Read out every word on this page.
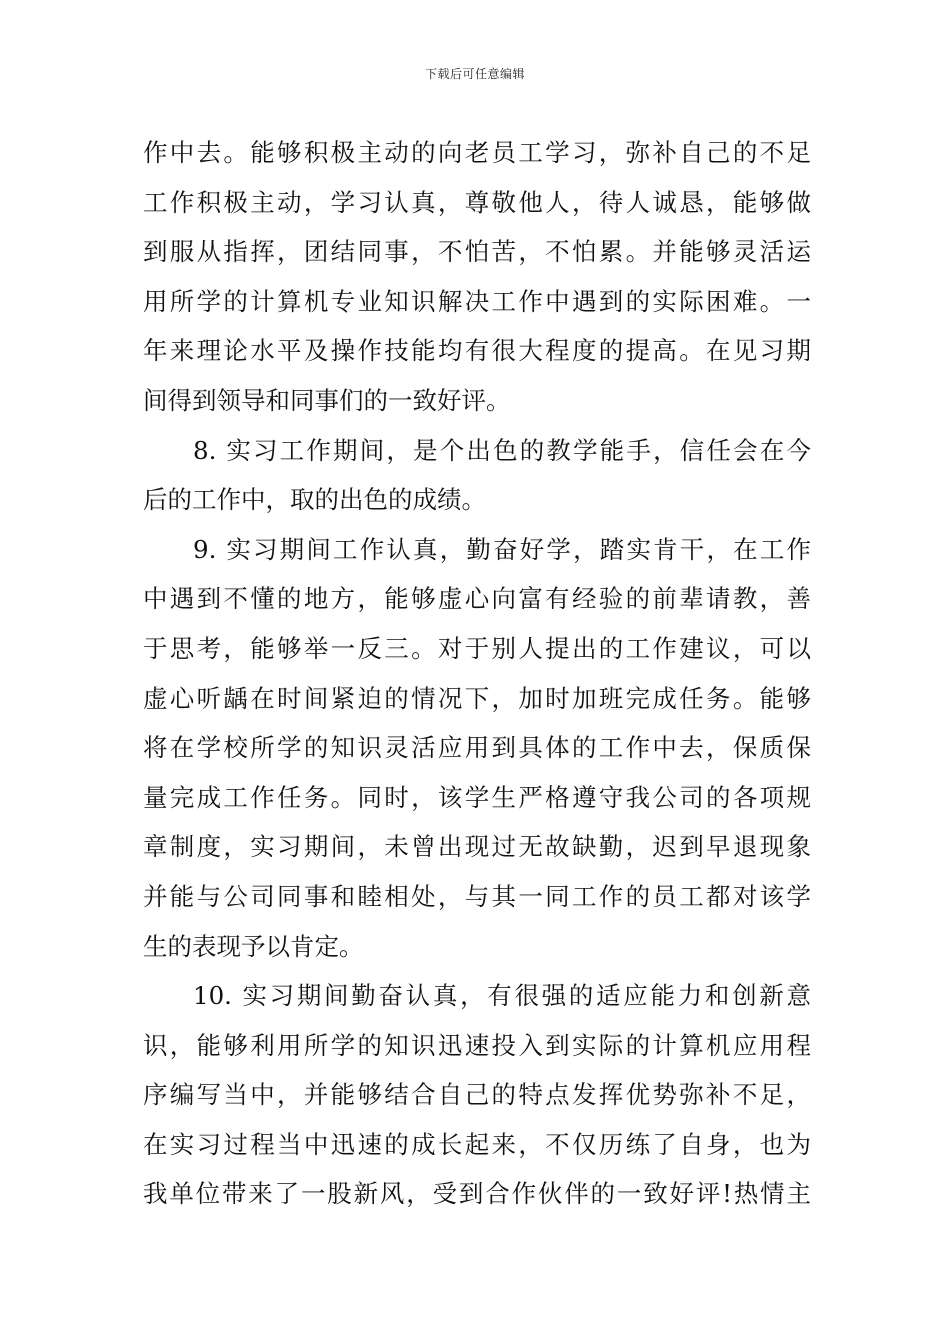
下载后可任意编辑
作中去。能够积极主动的向老员工学习，弥补自己的不足
工作积极主动，学习认真，尊敬他人，待人诚恳，能够做
到服从指挥，团结同事，不怕苦，不怕累。并能够灵活运
用所学的计算机专业知识解决工作中遇到的实际困难。一
年来理论水平及操作技能均有很大程度的提高。在见习期
间得到领导和同事们的一致好评。
8. 实习工作期间，是个出色的教学能手，信任会在今
后的工作中，取的出色的成绩。
9. 实习期间工作认真，勤奋好学，踏实肯干，在工作
中遇到不懂的地方，能够虚心向富有经验的前辈请教，善
于思考，能够举一反三。对于别人提出的工作建议，可以
虚心听龋在时间紧迫的情况下，加时加班完成任务。能够
将在学校所学的知识灵活应用到具体的工作中去，保质保
量完成工作任务。同时，该学生严格遵守我公司的各项规
章制度，实习期间，未曾出现过无故缺勤，迟到早退现象
并能与公司同事和睦相处，与其一同工作的员工都对该学
生的表现予以肯定。
10. 实习期间勤奋认真，有很强的适应能力和创新意
识，能够利用所学的知识迅速投入到实际的计算机应用程
序编写当中，并能够结合自己的特点发挥优势弥补不足，
在实习过程当中迅速的成长起来，不仅历练了自身，也为
我单位带来了一股新风，受到合作伙伴的一致好评!热情主
